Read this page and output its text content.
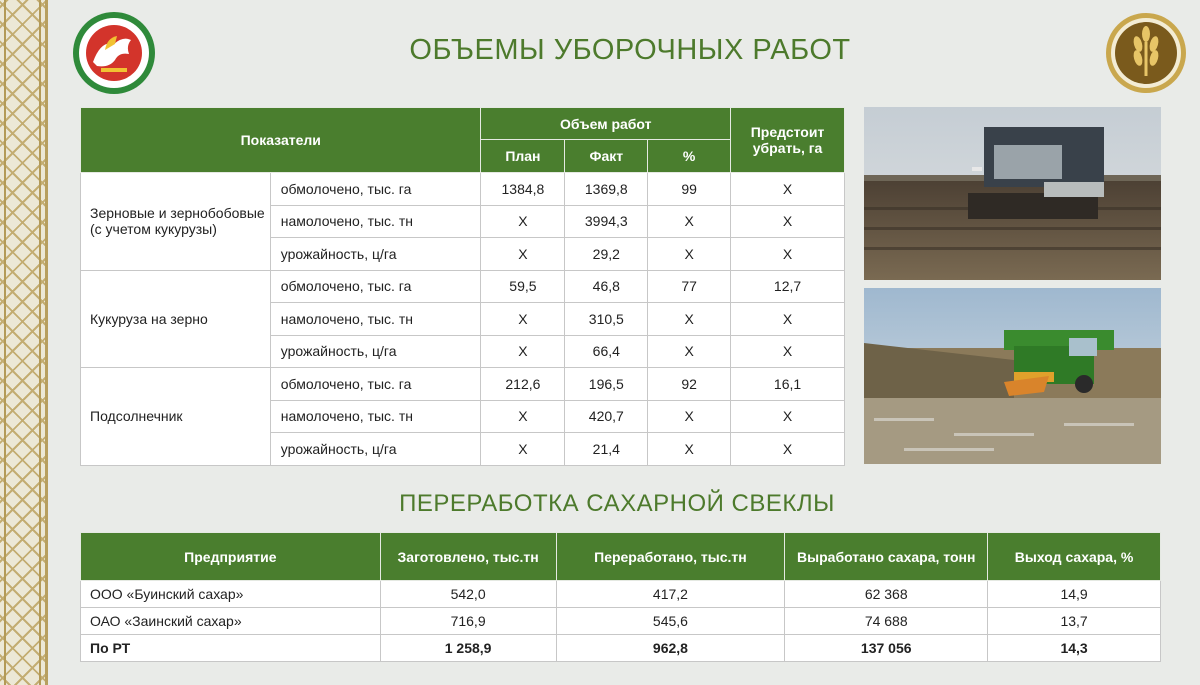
ОБЪЕМЫ УБОРОЧНЫХ РАБОТ
Показатели		Объем работ			Предстоит убрать, га
		План	Факт	%	
Зерновые и зернобобовые (с учетом кукурузы)	обмолочено, тыс. га	1384,8	1369,8	99	X
	намолочено, тыс. тн	X	3994,3	X	X
	урожайность, ц/га	X	29,2	X	X
Кукуруза на зерно	обмолочено, тыс. га	59,5	46,8	77	12,7
	намолочено, тыс. тн	X	310,5	X	X
	урожайность, ц/га	X	66,4	X	X
Подсолнечник	обмолочено, тыс. га	212,6	196,5	92	16,1
	намолочено, тыс. тн	X	420,7	X	X
	урожайность, ц/га	X	21,4	X	X
ПЕРЕРАБОТКА САХАРНОЙ СВЕКЛЫ
Предприятие	Заготовлено, тыс.тн	Переработано, тыс.тн	Выработано сахара, тонн	Выход сахара, %
ООО «Буинский сахар»	542,0	417,2	62 368	14,9
ОАО «Заинский сахар»	716,9	545,6	74 688	13,7
По РТ	1 258,9	962,8	137 056	14,3
